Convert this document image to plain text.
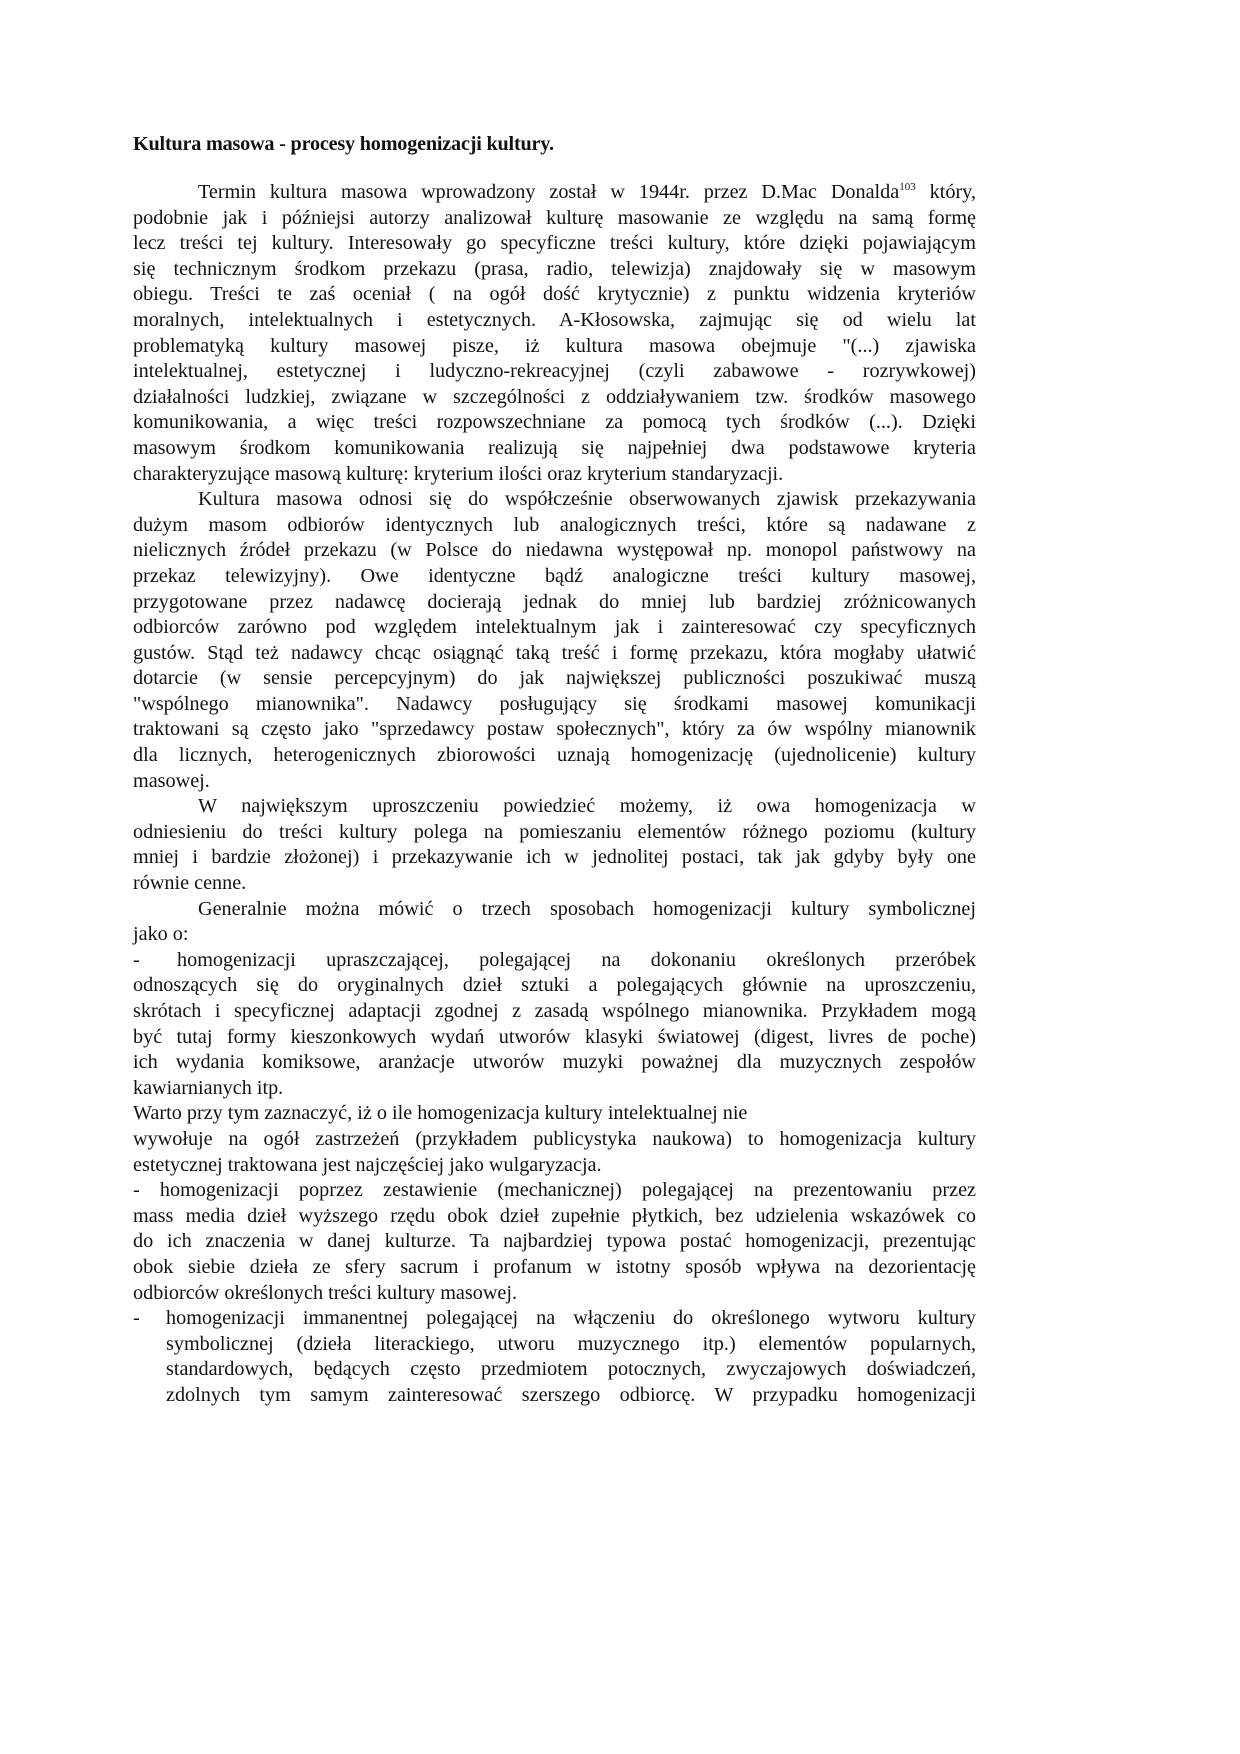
Kultura masowa - procesy homogenizacji kultury.
Termin kultura masowa wprowadzony został w 1944r. przez D.Mac Donalda$^{103}$ który,
podobnie jak i późniejsi autorzy analizował kulturę masowanie ze względu na samą formę
lecz treści tej kultury. Interesowały go specyficzne treści kultury, które dzięki pojawiającym
się technicznym środkom przekazu (prasa, radio, telewizja) znajdowały się w masowym
obiegu. Treści te zaś oceniał ( na ogół dość krytycznie) z punktu widzenia kryteriów
moralnych, intelektualnych i estetycznych. A-Kłosowska, zajmując się od wielu lat
problematyką kultury masowej pisze, iż kultura masowa obejmuje "(...) zjawiska
intelektualnej, estetycznej i ludyczno-rekreacyjnej (czyli zabawowe - rozrywkowej)
działalności ludzkiej, związane w szczególności z oddziaływaniem tzw. środków masowego
komunikowania, a więc treści rozpowszechniane za pomocą tych środków (...). Dzięki
masowym środkom komunikowania realizują się najpełniej dwa podstawowe kryteria
charakteryzujące masową kulturę: kryterium ilości oraz kryterium standaryzacji.
Kultura masowa odnosi się do współcześnie obserwowanych zjawisk przekazywania
dużym masom odbiorów identycznych lub analogicznych treści, które są nadawane z
nielicznych źródeł przekazu (w Polsce do niedawna występował np. monopol państwowy na
przekaz telewizyjny). Owe identyczne bądź analogiczne treści kultury masowej,
przygotowane przez nadawcę docierają jednak do mniej lub bardziej zróżnicowanych
odbiorców zarówno pod względem intelektualnym jak i zainteresować czy specyficznych
gustów. Stąd też nadawcy chcąc osiągnąć taką treść i formę przekazu, która mogłaby ułatwić
dotarcie (w sensie percepcyjnym) do jak największej publiczności poszukiwać muszą
"wspólnego mianownika". Nadawcy posługujący się środkami masowej komunikacji
traktowani są często jako "sprzedawcy postaw społecznych", który za ów wspólny mianownik
dla licznych, heterogenicznych zbiorowości uznają homogenizację (ujednolicenie) kultury
masowej.
W największym uproszczeniu powiedzieć możemy, iż owa homogenizacja w
odniesieniu do treści kultury polega na pomieszaniu elementów różnego poziomu (kultury
mniej i bardzie złożonej) i przekazywanie ich w jednolitej postaci, tak jak gdyby były one
równie cenne.
Generalnie można mówić o trzech sposobach homogenizacji kultury symbolicznej
jako o:
-	homogenizacji upraszczającej, polegającej na dokonaniu określonych przeróbek
odnoszących się do oryginalnych dzieł sztuki a polegających głównie na uproszczeniu,
skrótach i specyficznej adaptacji zgodnej z zasadą wspólnego mianownika. Przykładem mogą
być tutaj formy kieszonkowych wydań utworów klasyki światowej (digest, livres de poche)
ich wydania komiksowe, aranżacje utworów muzyki poważnej dla muzycznych zespołów
kawiarnianych itp.
Warto przy tym zaznaczyć, iż o ile homogenizacja kultury intelektualnej nie
wywołuje na ogół zastrzeżeń (przykładem publicystyka naukowa) to homogenizacja kultury
estetycznej traktowana jest najczęściej jako wulgaryzacja.
- homogenizacji poprzez zestawienie (mechanicznej) polegającej na prezentowaniu przez
mass media dzieł wyższego rzędu obok dzieł zupełnie płytkich, bez udzielenia wskazówek co
do ich znaczenia w danej kulturze. Ta najbardziej typowa postać homogenizacji, prezentując
obok siebie dzieła ze sfery sacrum i profanum w istotny sposób wpływa na dezorientację
odbiorców określonych treści kultury masowej.
-	homogenizacji immanentnej polegającej na włączeniu do określonego wytworu kultury
symbolicznej (dzieła literackiego, utworu muzycznego itp.) elementów popularnych,
standardowych, będących często przedmiotem potocznych, zwyczajowych doświadczeń,
zdolnych tym samym zainteresować szerszego odbiorcę. W przypadku homogenizacji
